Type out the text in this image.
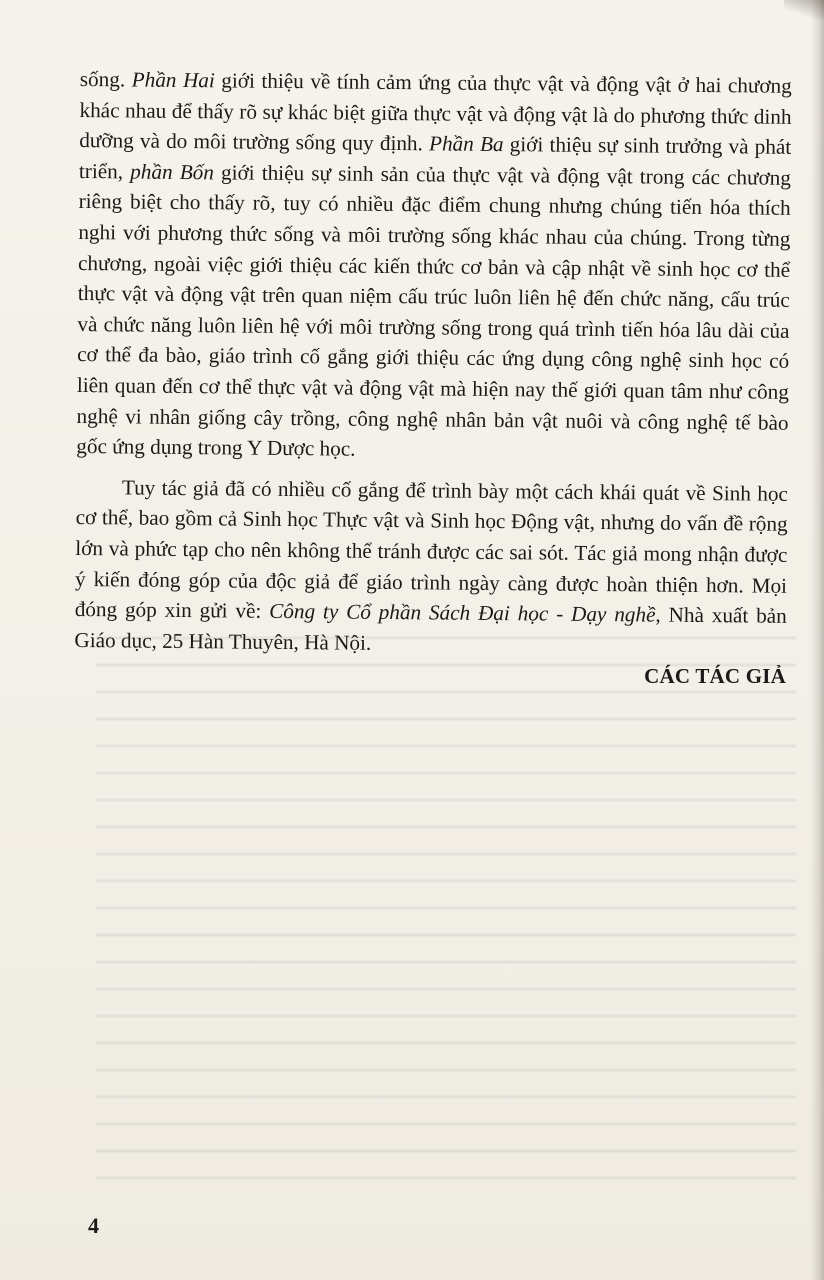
sống. Phần Hai giới thiệu về tính cảm ứng của thực vật và động vật ở hai chương khác nhau để thấy rõ sự khác biệt giữa thực vật và động vật là do phương thức dinh dưỡng và do môi trường sống quy định. Phần Ba giới thiệu sự sinh trưởng và phát triển, phần Bốn giới thiệu sự sinh sản của thực vật và động vật trong các chương riêng biệt cho thấy rõ, tuy có nhiều đặc điểm chung nhưng chúng tiến hóa thích nghi với phương thức sống và môi trường sống khác nhau của chúng. Trong từng chương, ngoài việc giới thiệu các kiến thức cơ bản và cập nhật về sinh học cơ thể thực vật và động vật trên quan niệm cấu trúc luôn liên hệ đến chức năng, cấu trúc và chức năng luôn liên hệ với môi trường sống trong quá trình tiến hóa lâu dài của cơ thể đa bào, giáo trình cố gắng giới thiệu các ứng dụng công nghệ sinh học có liên quan đến cơ thể thực vật và động vật mà hiện nay thế giới quan tâm như công nghệ vi nhân giống cây trồng, công nghệ nhân bản vật nuôi và công nghệ tế bào gốc ứng dụng trong Y Dược học.

Tuy tác giả đã có nhiều cố gắng để trình bày một cách khái quát về Sinh học cơ thể, bao gồm cả Sinh học Thực vật và Sinh học Động vật, nhưng do vấn đề rộng lớn và phức tạp cho nên không thể tránh được các sai sót. Tác giả mong nhận được ý kiến đóng góp của độc giả để giáo trình ngày càng được hoàn thiện hơn. Mọi đóng góp xin gửi về: Công ty Cổ phần Sách Đại học - Dạy nghề, Nhà xuất bản Giáo dục, 25 Hàn Thuyên, Hà Nội.

CÁC TÁC GIẢ
4
